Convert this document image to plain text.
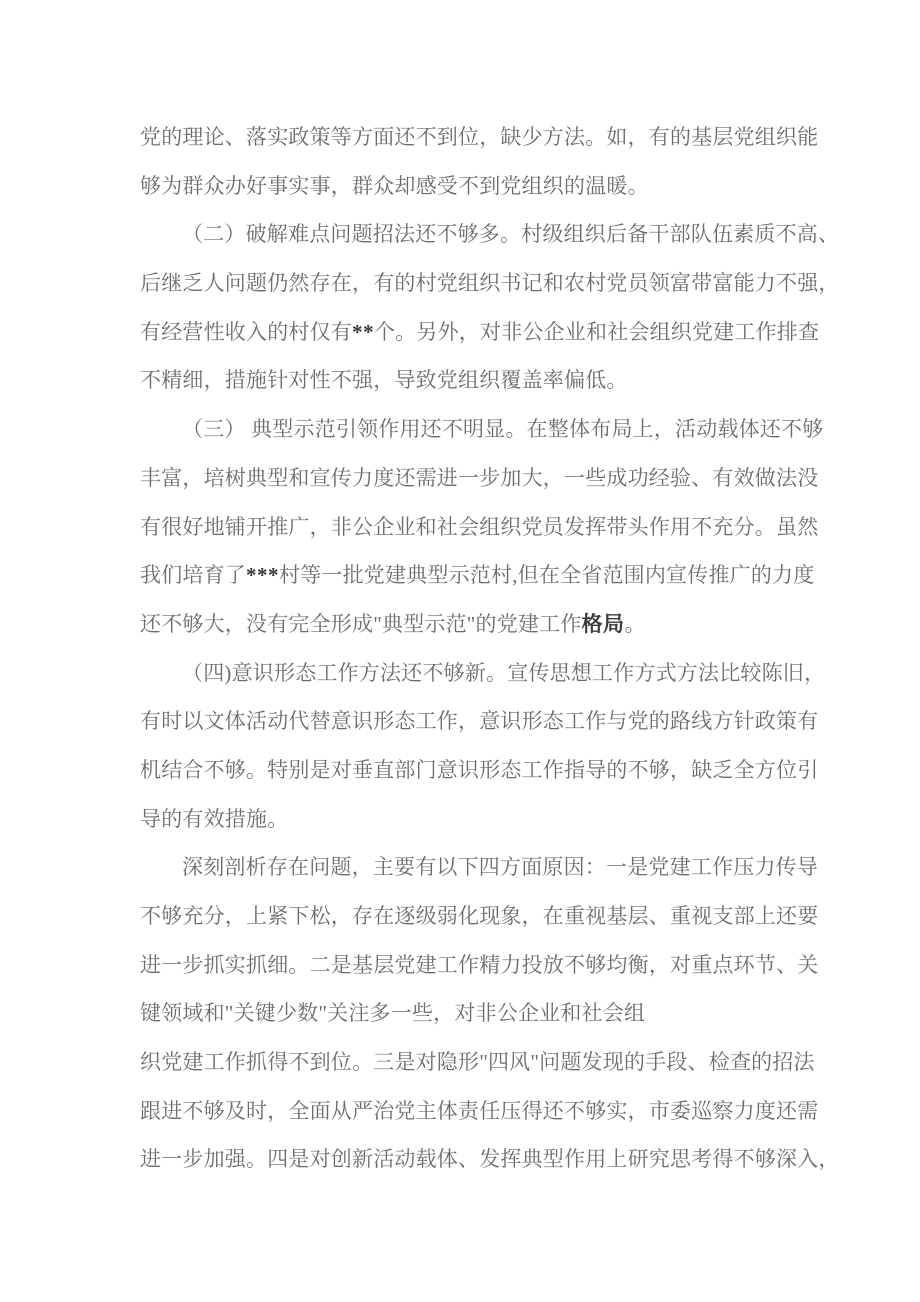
党的理论、落实政策等方面还不到位，缺少方法。如，有的基层党组织能
够为群众办好事实事，群众却感受不到党组织的温暖。
（二）破解难点问题招法还不够多。村级组织后备干部队伍素质不高、
后继乏人问题仍然存在，有的村党组织书记和农村党员领富带富能力不强，
有经营性收入的村仅有**个。另外，对非公企业和社会组织党建工作排查
不精细，措施针对性不强，导致党组织覆盖率偏低。
（三） 典型示范引领作用还不明显。在整体布局上，活动载体还不够
丰富，培树典型和宣传力度还需进一步加大，一些成功经验、有效做法没
有很好地铺开推广，非公企业和社会组织党员发挥带头作用不充分。虽然
我们培育了***村等一批党建典型示范村,但在全省范围内宣传推广的力度
还不够大，没有完全形成"典型示范"的党建工作格局。
（四)意识形态工作方法还不够新。宣传思想工作方式方法比较陈旧，
有时以文体活动代替意识形态工作，意识形态工作与党的路线方针政策有
机结合不够。特别是对垂直部门意识形态工作指导的不够，缺乏全方位引
导的有效措施。
深刻剖析存在问题，主要有以下四方面原因：一是党建工作压力传导
不够充分，上紧下松，存在逐级弱化现象，在重视基层、重视支部上还要
进一步抓实抓细。二是基层党建工作精力投放不够均衡，对重点环节、关
键领域和"关键少数"关注多一些，对非公企业和社会组
织党建工作抓得不到位。三是对隐形"四风"问题发现的手段、检查的招法
跟进不够及时，全面从严治党主体责任压得还不够实，市委巡察力度还需
进一步加强。四是对创新活动载体、发挥典型作用上研究思考得不够深入，
